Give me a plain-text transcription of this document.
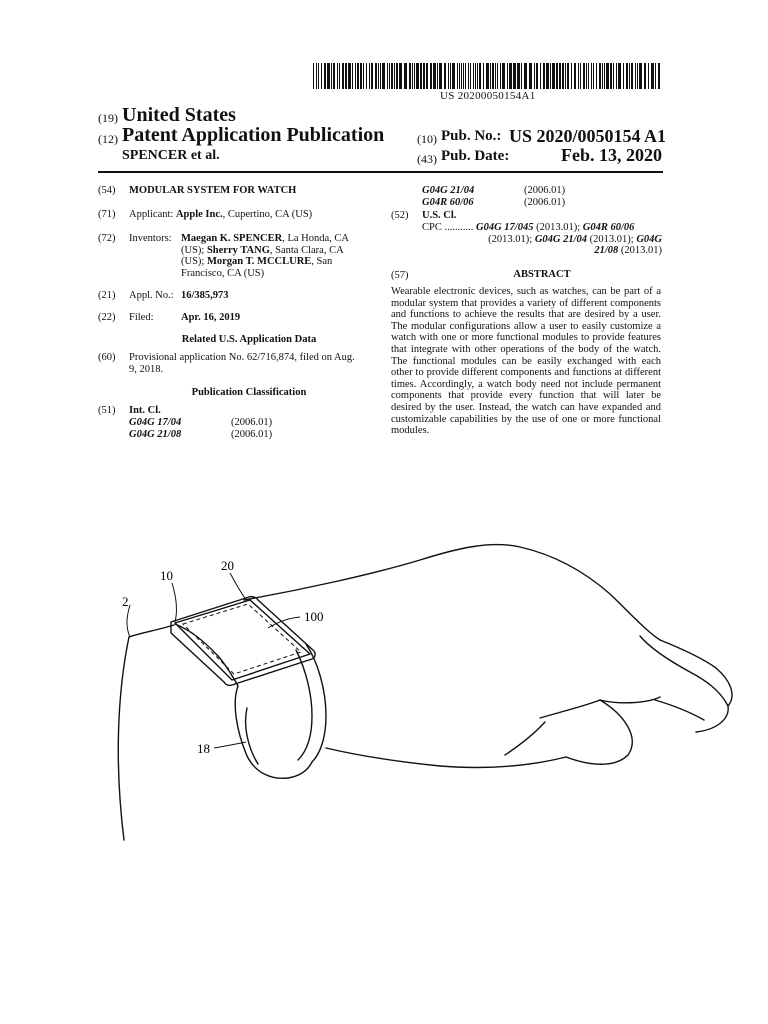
US 20200050154A1
(19) United States
(12) Patent Application Publication
SPENCER et al.
(10) Pub. No.: US 2020/0050154 A1
(43) Pub. Date:	Feb. 13, 2020
(54) MODULAR SYSTEM FOR WATCH
(71) Applicant: Apple Inc., Cupertino, CA (US)
(72) Inventors: Maegan K. SPENCER, La Honda, CA
(US); Sherry TANG, Santa Clara, CA
(US); Morgan T. MCCLURE, San
Francisco, CA (US)
(21) Appl. No.: 16/385,973
(22) Filed:	Apr. 16, 2019
Related U.S. Application Data
(60) Provisional application No. 62/716,874, filed on Aug.
9, 2018.
Publication Classification
(51) Int. Cl.
G04G 17/04	(2006.01)
G04G 21/08	(2006.01)
G04G 21/04	(2006.01)
G04R 60/06	(2006.01)
(52) U.S. Cl.
CPC ........... G04G 17/045 (2013.01); G04R 60/06
(2013.01); G04G 21/04 (2013.01); G04G
21/08 (2013.01)
(57)	ABSTRACT
Wearable electronic devices, such as watches, can be part of a modular system that provides a variety of different components and functions to achieve the results that are desired by a user. The modular configurations allow a user to easily customize a watch with one or more functional modules to provide features that integrate with other operations of the body of the watch. The functional modules can be easily exchanged with each other to provide different components and functions at different times. Accordingly, a watch body need not include permanent components that provide every function that will later be desired by the user. Instead, the watch can have expanded and customizable capabilities by the use of one or more functional modules.
2
10
20
100
18
